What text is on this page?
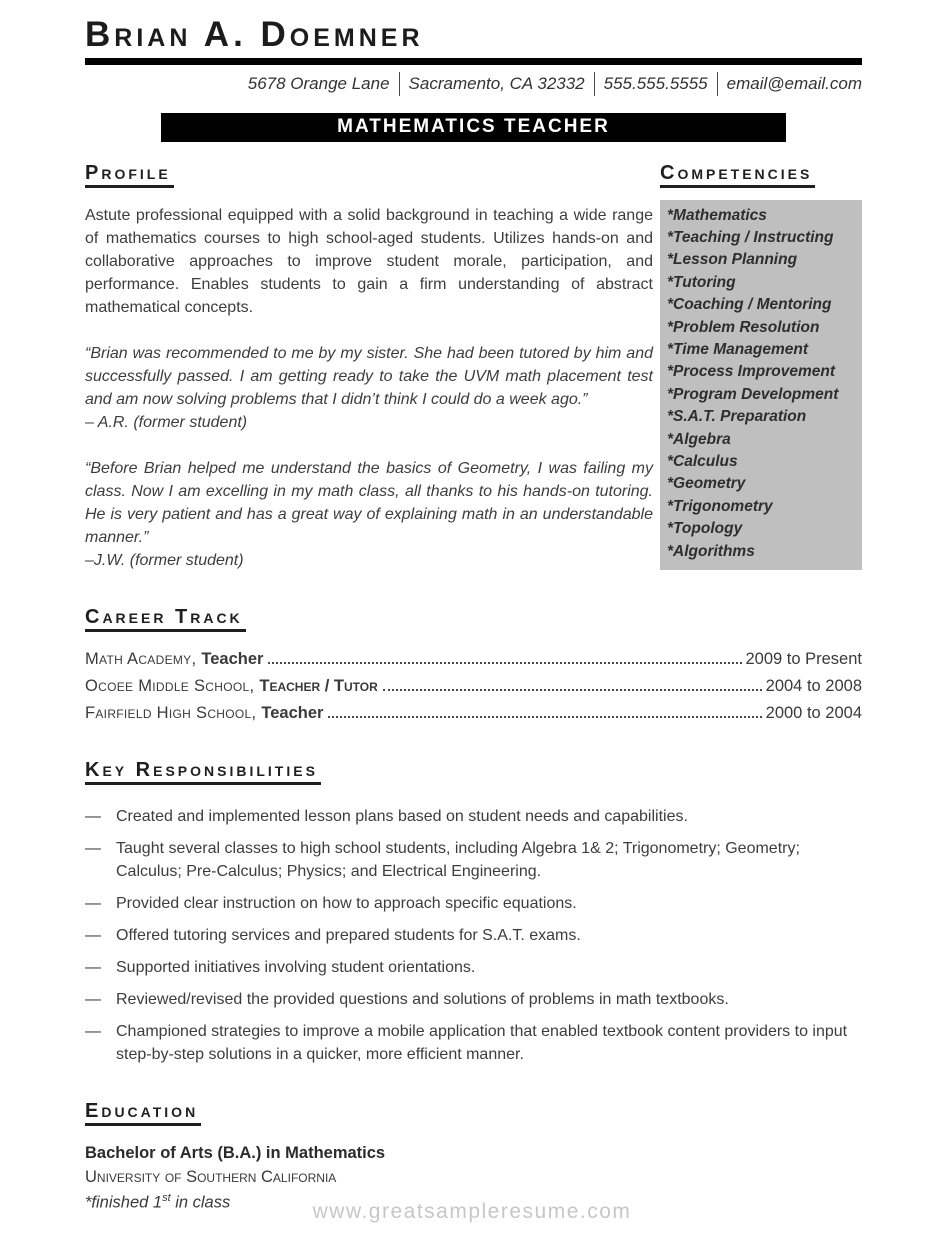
Brian A. Doemner
5678 Orange Lane Sacramento, CA 32332 555.555.5555 email@email.com
MATHEMATICS TEACHER
Profile

Astute professional equipped with a solid background in teaching a wide range of mathematics courses to high school-aged students. Utilizes hands-on and collaborative approaches to improve student morale, participation, and performance. Enables students to gain a firm understanding of abstract mathematical concepts.

“Brian was recommended to me by my sister. She had been tutored by him and successfully passed. I am getting ready to take the UVM math placement test and am now solving problems that I didn’t think I could do a week ago.”

– A.R. (former student)

“Before Brian helped me understand the basics of Geometry, I was failing my class. Now I am excelling in my math class, all thanks to his hands-on tutoring. He is very patient and has a great way of explaining math in an understandable manner.”

–J.W. (former student)

Competencies
*Mathematics
*Teaching / Instructing
*Lesson Planning
*Tutoring
*Coaching / Mentoring
*Problem Resolution
*Time Management
*Process Improvement
*Program Development
*S.A.T. Preparation
*Algebra
*Calculus
*Geometry
*Trigonometry
*Topology
*Algorithms
Career Track
Math Academy, Teacher	2009 to Present
Ocoee Middle School, Teacher / Tutor	2004 to 2008
Fairfield High School, Teacher	2000 to 2004
Key Responsibilities
— Created and implemented lesson plans based on student needs and capabilities.
— Taught several classes to high school students, including Algebra 1& 2; Trigonometry; Geometry; Calculus; Pre-Calculus; Physics; and Electrical Engineering.
— Provided clear instruction on how to approach specific equations.
— Offered tutoring services and prepared students for S.A.T. exams.
— Supported initiatives involving student orientations.
— Reviewed/revised the provided questions and solutions of problems in math textbooks.
— Championed strategies to improve a mobile application that enabled textbook content providers to input step-by-step solutions in a quicker, more efficient manner.
Education
Bachelor of Arts (B.A.) in Mathematics
University of Southern California
*finished 1st in class	www.greatsampleresume.com
